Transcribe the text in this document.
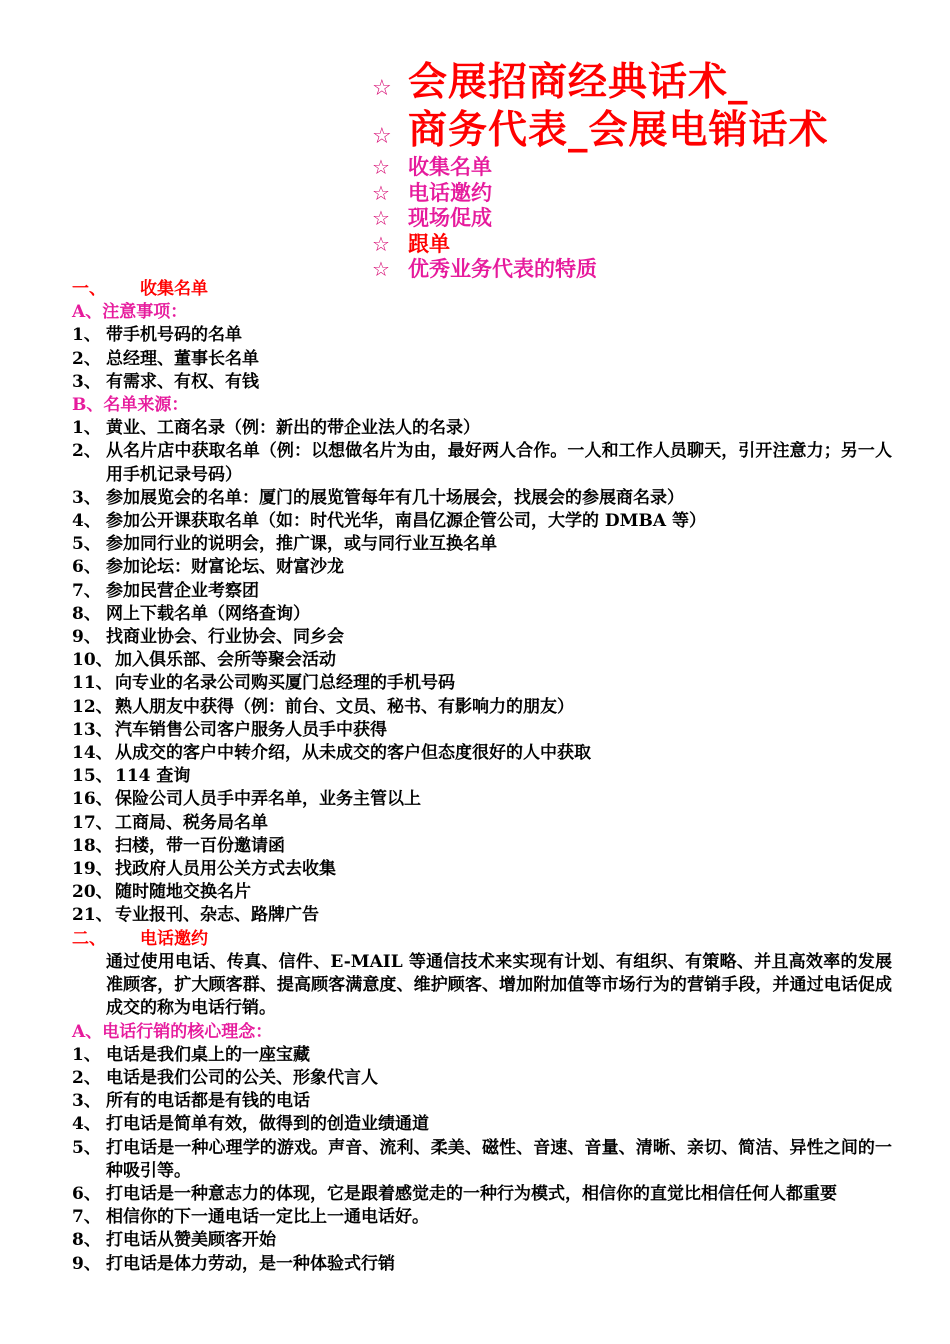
☆ 会展招商经典话术_
☆ 商务代表_会展电销话术
☆ 收集名单
☆ 电话邀约
☆ 现场促成
☆ 跟单
☆ 优秀业务代表的特质
一、 收集名单
A、注意事项：
1、 带手机号码的名单
2、 总经理、董事长名单
3、 有需求、有权、有钱
B、名单来源：
1、 黄业、工商名录（例：新出的带企业法人的名录）
2、 从名片店中获取名单（例：以想做名片为由，最好两人合作。一人和工作人员聊天，引开注意力；另一人用手机记录号码）
3、 参加展览会的名单：厦门的展览管每年有几十场展会，找展会的参展商名录）
4、 参加公开课获取名单（如：时代光华，南昌亿源企管公司，大学的 DMBA 等）
5、 参加同行业的说明会，推广课，或与同行业互换名单
6、 参加论坛：财富论坛、财富沙龙
7、 参加民营企业考察团
8、 网上下载名单（网络查询）
9、 找商业协会、行业协会、同乡会
10、 加入俱乐部、会所等聚会活动
11、 向专业的名录公司购买厦门总经理的手机号码
12、 熟人朋友中获得（例：前台、文员、秘书、有影响力的朋友）
13、 汽车销售公司客户服务人员手中获得
14、 从成交的客户中转介绍，从未成交的客户但态度很好的人中获取
15、 114 查询
16、 保险公司人员手中弄名单，业务主管以上
17、 工商局、税务局名单
18、 扫楼，带一百份邀请函
19、 找政府人员用公关方式去收集
20、 随时随地交换名片
21、 专业报刊、杂志、路牌广告
二、 电话邀约
通过使用电话、传真、信件、E-MAIL 等通信技术来实现有计划、有组织、有策略、并且高效率的发展准顾客，扩大顾客群、提高顾客满意度、维护顾客、增加附加值等市场行为的营销手段，并通过电话促成成交的称为电话行销。
A、电话行销的核心理念：
1、 电话是我们桌上的一座宝藏
2、 电话是我们公司的公关、形象代言人
3、 所有的电话都是有钱的电话
4、 打电话是简单有效，做得到的创造业绩通道
5、 打电话是一种心理学的游戏。声音、流利、柔美、磁性、音速、音量、清晰、亲切、简洁、异性之间的一种吸引等。
6、 打电话是一种意志力的体现，它是跟着感觉走的一种行为模式，相信你的直觉比相信任何人都重要
7、 相信你的下一通电话一定比上一通电话好。
8、 打电话从赞美顾客开始
9、 打电话是体力劳动，是一种体验式行销
